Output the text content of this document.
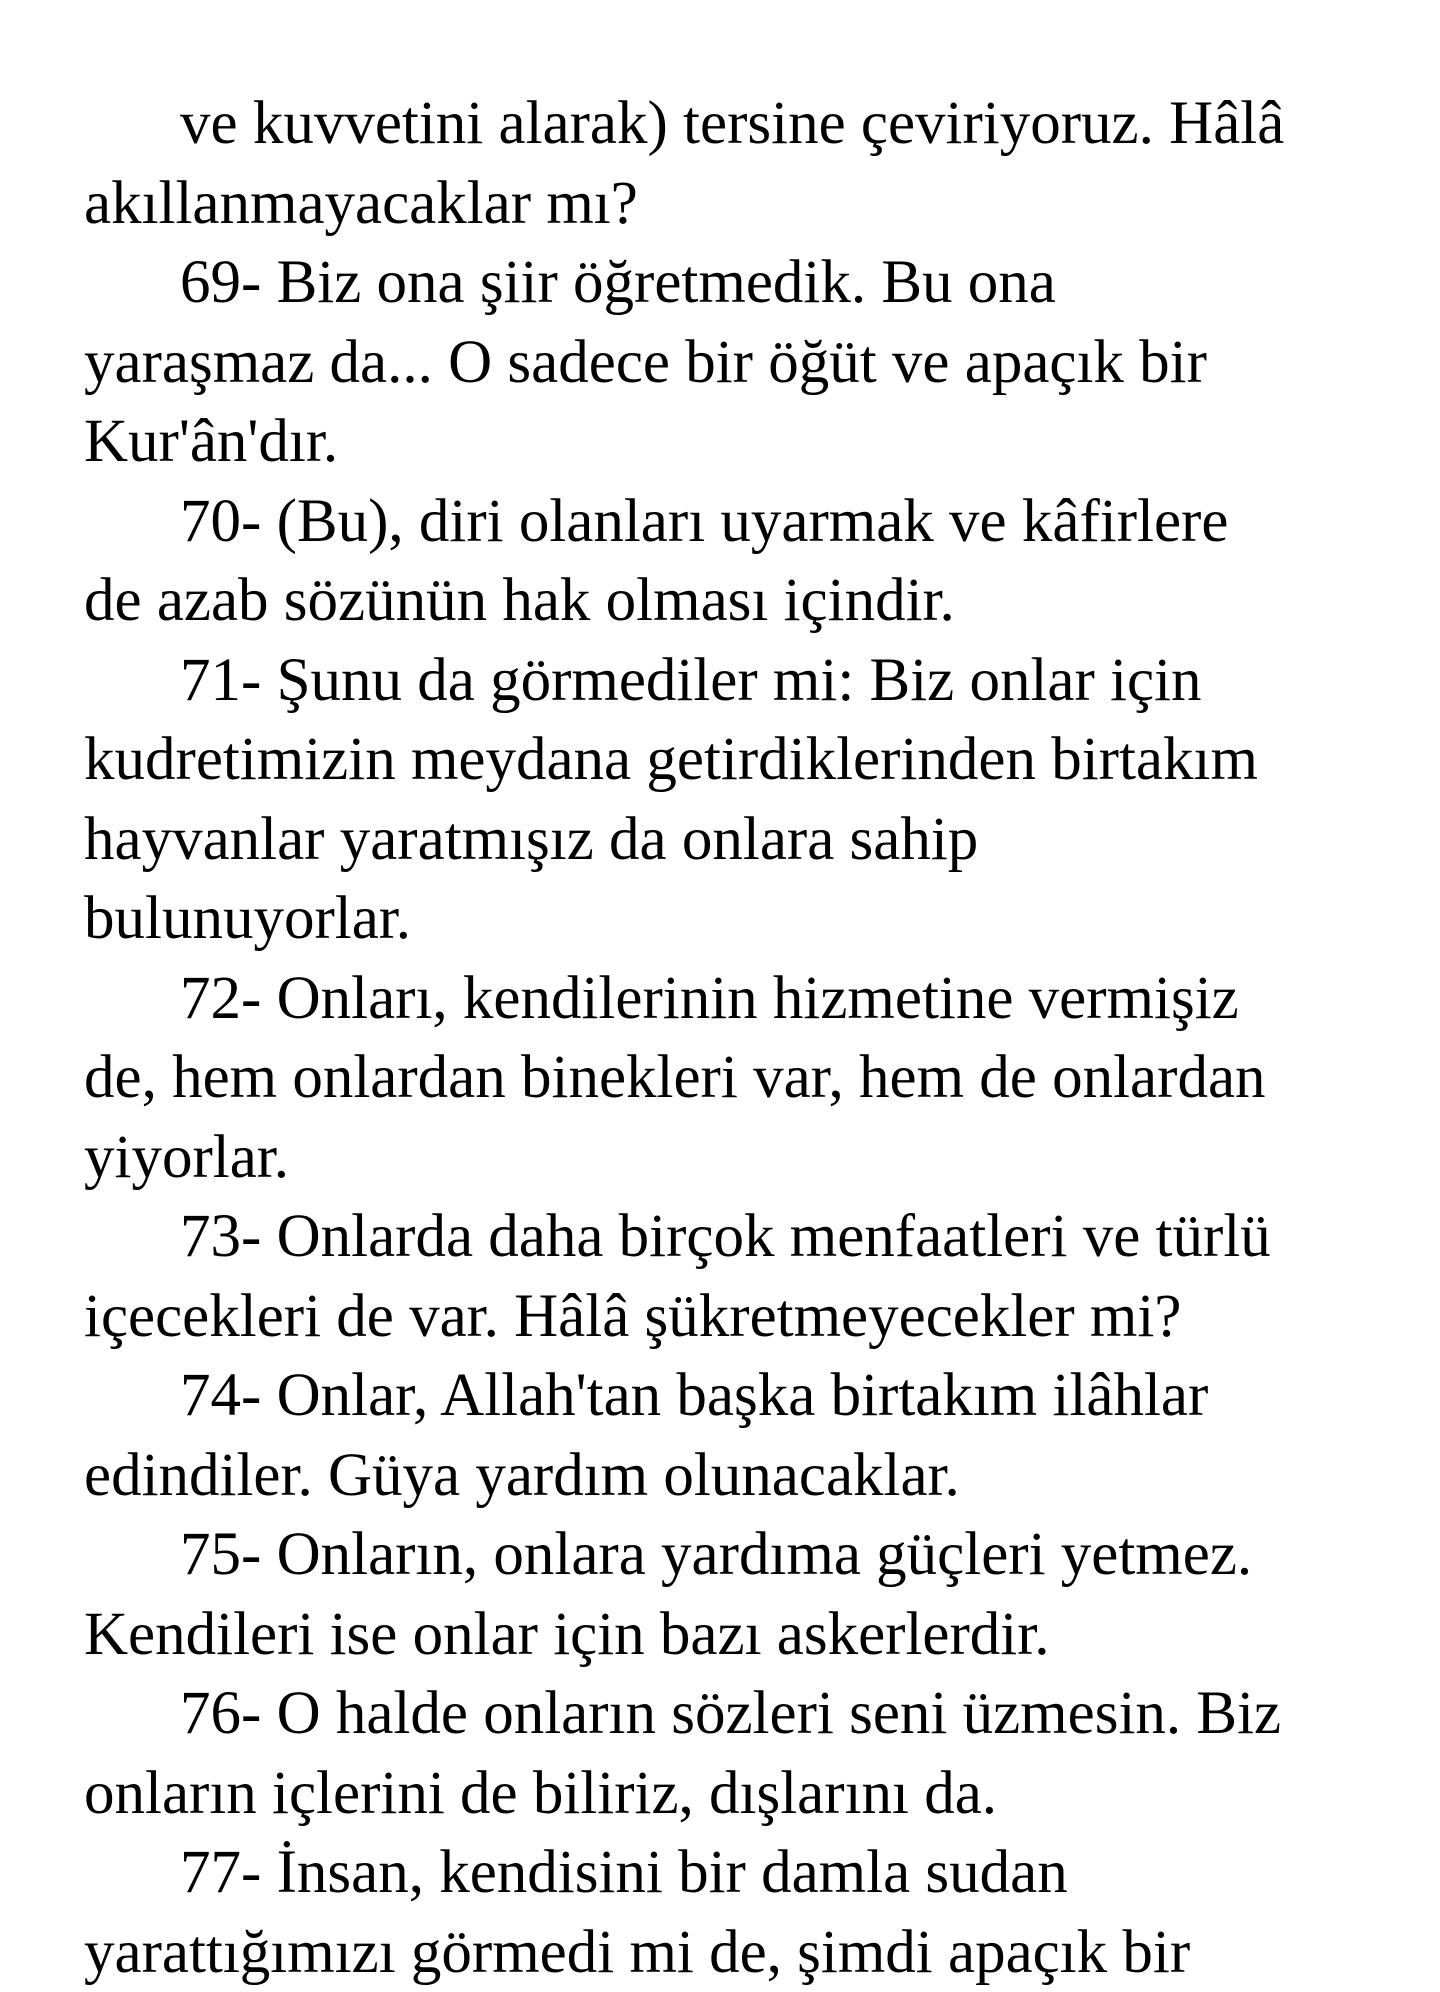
ve kuvvetini alarak) tersine çeviriyoruz. Hâlâ
akıllanmayacaklar mı?
69- Biz ona şiir öğretmedik. Bu ona
yaraşmaz da... O sadece bir öğüt ve apaçık bir
Kur'ân'dır.
70- (Bu), diri olanları uyarmak ve kâfirlere
de azab sözünün hak olması içindir.
71- Şunu da görmediler mi: Biz onlar için
kudretimizin meydana getirdiklerinden birtakım
hayvanlar yaratmışız da onlara sahip
bulunuyorlar.
72- Onları, kendilerinin hizmetine vermişiz
de, hem onlardan binekleri var, hem de onlardan
yiyorlar.
73- Onlarda daha birçok menfaatleri ve türlü
içecekleri de var. Hâlâ şükretmeyecekler mi?
74- Onlar, Allah'tan başka birtakım ilâhlar
edindiler. Güya yardım olunacaklar.
75- Onların, onlara yardıma güçleri yetmez.
Kendileri ise onlar için bazı askerlerdir.
76- O halde onların sözleri seni üzmesin. Biz
onların içlerini de biliriz, dışlarını da.
77- İnsan, kendisini bir damla sudan
yarattığımızı görmedi mi de, şimdi apaçık bir
